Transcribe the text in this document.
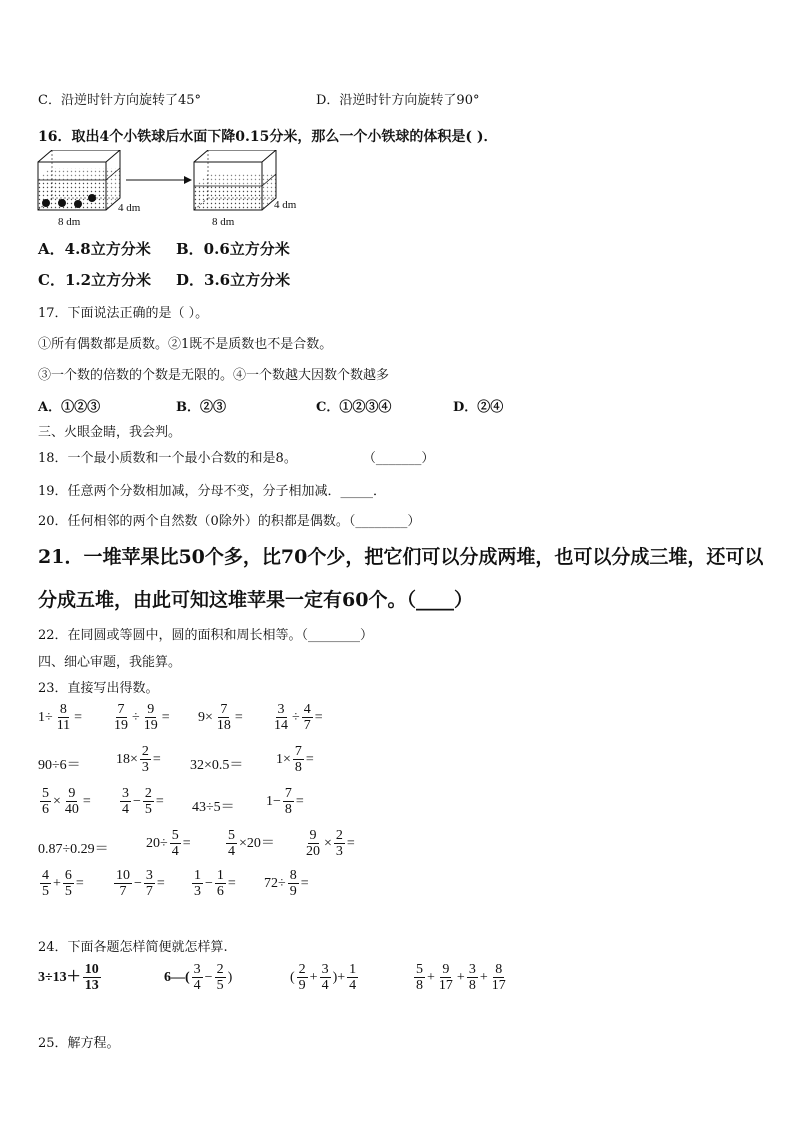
C．沿逆时针方向旋转了45°	D．沿逆时针方向旋转了90°
16．取出4个小铁球后水面下降0.15分米，那么一个小铁球的体积是( )．
8 dm
4 dm
8 dm
4 dm
A．4.8立方分米 B．0.6立方分米
C．1.2立方分米 D．3.6立方分米
17．下面说法正确的是（ ）。
①所有偶数都是质数。②1既不是质数也不是合数。
③一个数的倍数的个数是无限的。④一个数越大因数个数越多
A．①②③	B．②③	C．①②③④	D．②④
三、火眼金睛，我会判。
18．一个最小质数和一个最小合数的和是8。                （_______）
19．任意两个分数相加减，分母不变，分子相加减．_____．
20．任何相邻的两个自然数（0除外）的积都是偶数。（________）
21．一堆苹果比50个多，比70个少，把它们可以分成两堆，也可以分成三堆，还可以
分成五堆，由此可知这堆苹果一定有60个。（____）
22．在同圆或等圆中，圆的面积和周长相等。（________）
四、细心审题，我能算。
23．直接写出得数。
$1\div \frac{8}{11} = \frac{7}{19} \div \frac{9}{19} = 9\times \frac{7}{18} = \frac{3}{14} \div \frac{4}{7}$ =
90÷6＝	$18\times \frac{2}{3} = 32\times 0.5= 1\times \frac{7}{8}$ =
$\frac{5}{6} \times \frac{9}{40} = \frac{3}{4} - \frac{2}{5} = 43\div 5= 1- \frac{7}{8}$ =
0.87÷0.29＝	$20\div \frac{5}{4}$ =	$\frac{5}{4} \times 20= \frac{9}{20} \times \frac{2}{3}$ =
$\frac{4}{5} + \frac{6}{5} = \frac{10}{7} - \frac{3}{7} = \frac{1}{3} - \frac{1}{6} = 72\div \frac{8}{9}$ =
24．下面各题怎样简便就怎样算.
$3\div 13+ \frac{10}{13}$	6—( $\frac{3}{4} - \frac{2}{5}$ )	( $\frac{2}{9} + \frac{3}{4}$ )+ $\frac{1}{4}$	$\frac{5}{8} + \frac{9}{17} + \frac{3}{8} + \frac{8}{17}$
25．解方程。
